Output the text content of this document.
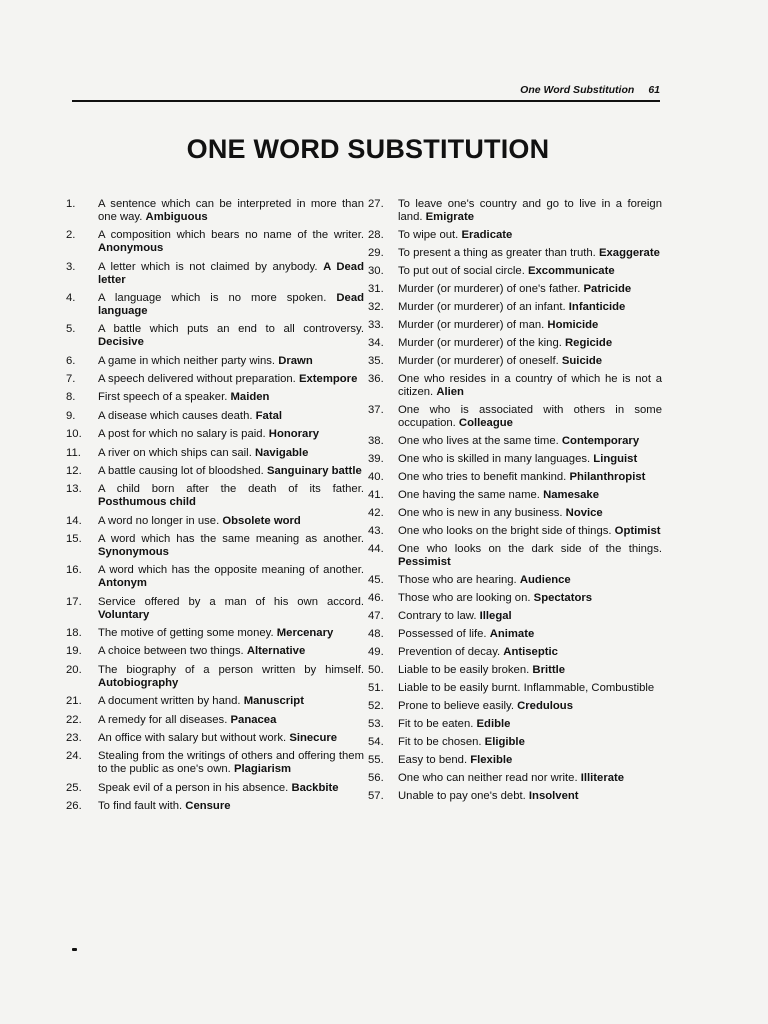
One Word Substitution 61
ONE WORD SUBSTITUTION
1.	A sentence which can be interpreted in more than one way. Ambiguous
2.	A composition which bears no name of the writer. Anonymous
3.	A letter which is not claimed by anybody. A Dead letter
4.	A language which is no more spoken. Dead language
5.	A battle which puts an end to all controversy. Decisive
6.	A game in which neither party wins. Drawn
7.	A speech delivered without preparation. Extempore
8.	First speech of a speaker. Maiden
9.	A disease which causes death. Fatal
10.	A post for which no salary is paid. Honorary
11.	A river on which ships can sail. Navigable
12.	A battle causing lot of bloodshed. Sanguinary battle
13.	A child born after the death of its father. Posthumous child
14.	A word no longer in use. Obsolete word
15.	A word which has the same meaning as another. Synonymous
16.	A word which has the opposite meaning of another. Antonym
17.	Service offered by a man of his own accord. Voluntary
18.	The motive of getting some money. Mercenary
19.	A choice between two things. Alternative
20.	The biography of a person written by himself. Autobiography
21.	A document written by hand. Manuscript
22.	A remedy for all diseases. Panacea
23.	An office with salary but without work. Sinecure
24.	Stealing from the writings of others and offering them to the public as one's own. Plagiarism
25.	Speak evil of a person in his absence. Backbite
26.	To find fault with. Censure
27.	To leave one's country and go to live in a foreign land. Emigrate
28.	To wipe out. Eradicate
29.	To present a thing as greater than truth. Exaggerate
30.	To put out of social circle. Excommunicate
31.	Murder (or murderer) of one's father. Patricide
32.	Murder (or murderer) of an infant. Infanticide
33.	Murder (or murderer) of man. Homicide
34.	Murder (or murderer) of the king. Regicide
35.	Murder (or murderer) of oneself. Suicide
36.	One who resides in a country of which he is not a citizen. Alien
37.	One who is associated with others in some occupation. Colleague
38.	One who lives at the same time. Contemporary
39.	One who is skilled in many languages. Linguist
40.	One who tries to benefit mankind. Philanthropist
41.	One having the same name. Namesake
42.	One who is new in any business. Novice
43.	One who looks on the bright side of things. Optimist
44.	One who looks on the dark side of the things. Pessimist
45.	Those who are hearing. Audience
46.	Those who are looking on. Spectators
47.	Contrary to law. Illegal
48.	Possessed of life. Animate
49.	Prevention of decay. Antiseptic
50.	Liable to be easily broken. Brittle
51.	Liable to be easily burnt. Inflammable, Combustible
52.	Prone to believe easily. Credulous
53.	Fit to be eaten. Edible
54.	Fit to be chosen. Eligible
55.	Easy to bend. Flexible
56.	One who can neither read nor write. Illiterate
57.	Unable to pay one's debt. Insolvent
